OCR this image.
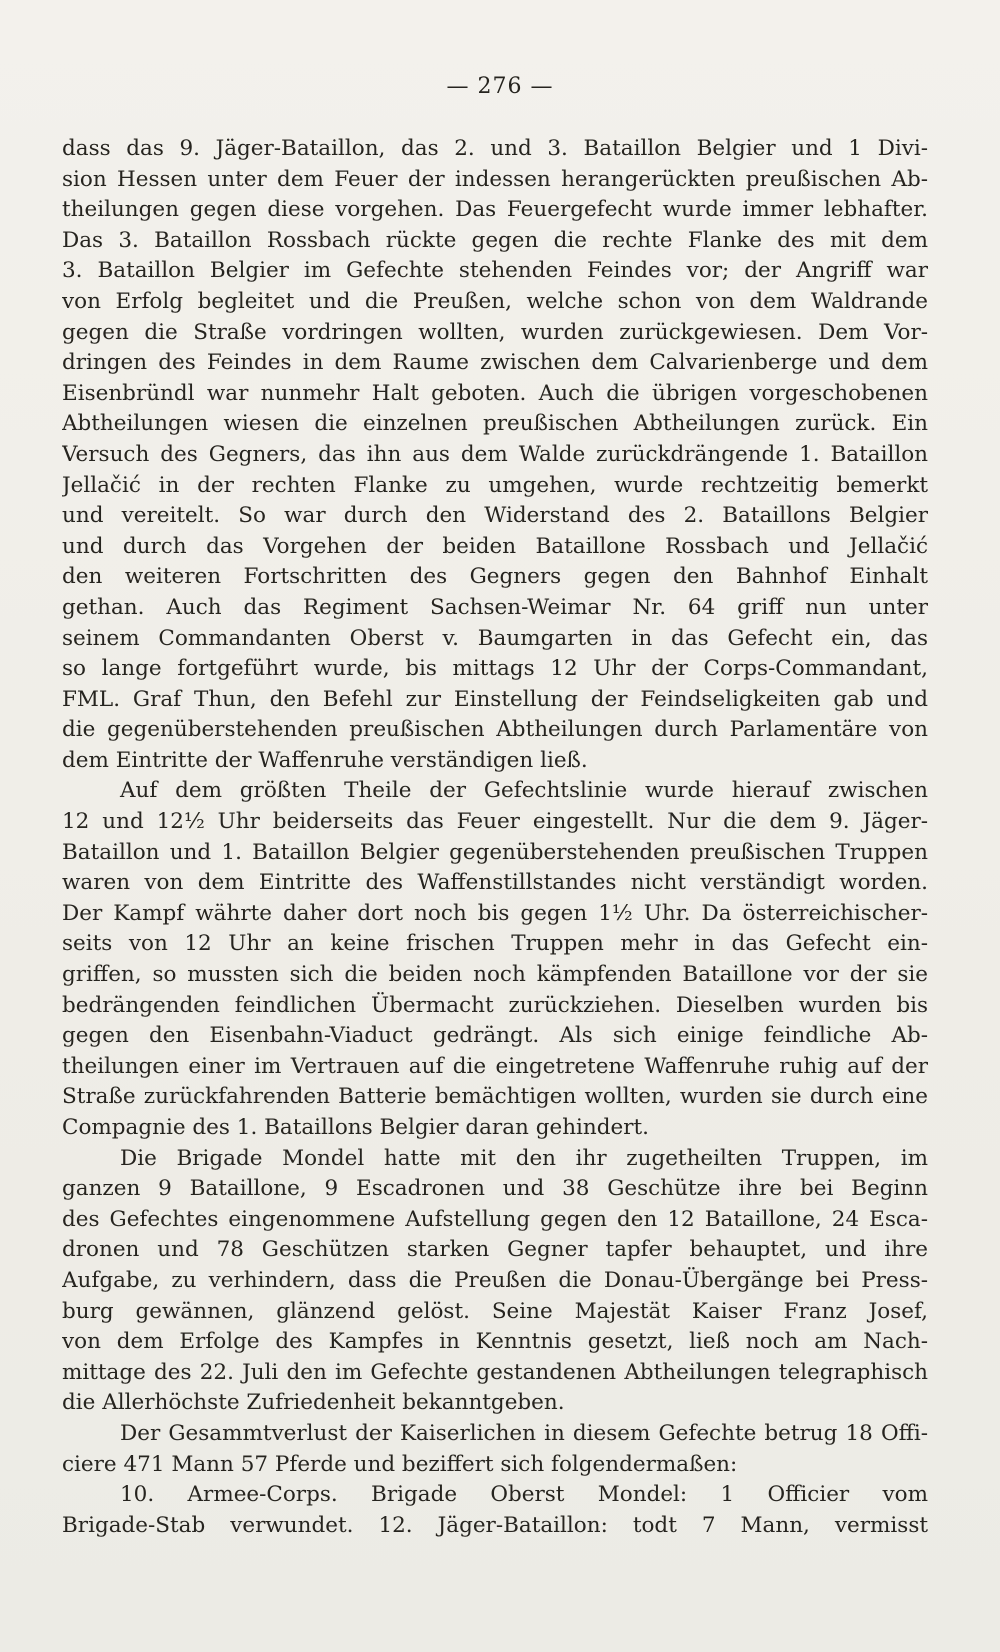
— 276 —
dass das 9. Jäger-Bataillon, das 2. und 3. Bataillon Belgier und 1 Divi-
sion Hessen unter dem Feuer der indessen herangerückten preußischen Ab-
theilungen gegen diese vorgehen. Das Feuergefecht wurde immer lebhafter.
Das 3. Bataillon Rossbach rückte gegen die rechte Flanke des mit dem
3. Bataillon Belgier im Gefechte stehenden Feindes vor; der Angriff war
von Erfolg begleitet und die Preußen, welche schon von dem Waldrande
gegen die Straße vordringen wollten, wurden zurückgewiesen. Dem Vor-
dringen des Feindes in dem Raume zwischen dem Calvarienberge und dem
Eisenbründl war nunmehr Halt geboten. Auch die übrigen vorgeschobenen
Abtheilungen wiesen die einzelnen preußischen Abtheilungen zurück. Ein
Versuch des Gegners, das ihn aus dem Walde zurückdrängende 1. Bataillon
Jellačić in der rechten Flanke zu umgehen, wurde rechtzeitig bemerkt
und vereitelt. So war durch den Widerstand des 2. Bataillons Belgier
und durch das Vorgehen der beiden Bataillone Rossbach und Jellačić
den weiteren Fortschritten des Gegners gegen den Bahnhof Einhalt
gethan. Auch das Regiment Sachsen-Weimar Nr. 64 griff nun unter
seinem Commandanten Oberst v. Baumgarten in das Gefecht ein, das
so lange fortgeführt wurde, bis mittags 12 Uhr der Corps-Commandant,
FML. Graf Thun, den Befehl zur Einstellung der Feindseligkeiten gab und
die gegenüberstehenden preußischen Abtheilungen durch Parlamentäre von
dem Eintritte der Waffenruhe verständigen ließ.
Auf dem größten Theile der Gefechtslinie wurde hierauf zwischen
12 und 12½ Uhr beiderseits das Feuer eingestellt. Nur die dem 9. Jäger-
Bataillon und 1. Bataillon Belgier gegenüberstehenden preußischen Truppen
waren von dem Eintritte des Waffenstillstandes nicht verständigt worden.
Der Kampf währte daher dort noch bis gegen 1½ Uhr. Da österreichischer-
seits von 12 Uhr an keine frischen Truppen mehr in das Gefecht ein-
griffen, so mussten sich die beiden noch kämpfenden Bataillone vor der sie
bedrängenden feindlichen Übermacht zurückziehen. Dieselben wurden bis
gegen den Eisenbahn-Viaduct gedrängt. Als sich einige feindliche Ab-
theilungen einer im Vertrauen auf die eingetretene Waffenruhe ruhig auf der
Straße zurückfahrenden Batterie bemächtigen wollten, wurden sie durch eine
Compagnie des 1. Bataillons Belgier daran gehindert.
Die Brigade Mondel hatte mit den ihr zugetheilten Truppen, im
ganzen 9 Bataillone, 9 Escadronen und 38 Geschütze ihre bei Beginn
des Gefechtes eingenommene Aufstellung gegen den 12 Bataillone, 24 Esca-
dronen und 78 Geschützen starken Gegner tapfer behauptet, und ihre
Aufgabe, zu verhindern, dass die Preußen die Donau-Übergänge bei Press-
burg gewännen, glänzend gelöst. Seine Majestät Kaiser Franz Josef,
von dem Erfolge des Kampfes in Kenntnis gesetzt, ließ noch am Nach-
mittage des 22. Juli den im Gefechte gestandenen Abtheilungen telegraphisch
die Allerhöchste Zufriedenheit bekanntgeben.
Der Gesammtverlust der Kaiserlichen in diesem Gefechte betrug 18 Offi-
ciere 471 Mann 57 Pferde und beziffert sich folgendermaßen:
10. Armee-Corps. Brigade Oberst Mondel: 1 Officier vom
Brigade-Stab verwundet. 12. Jäger-Bataillon: todt 7 Mann, vermisst
